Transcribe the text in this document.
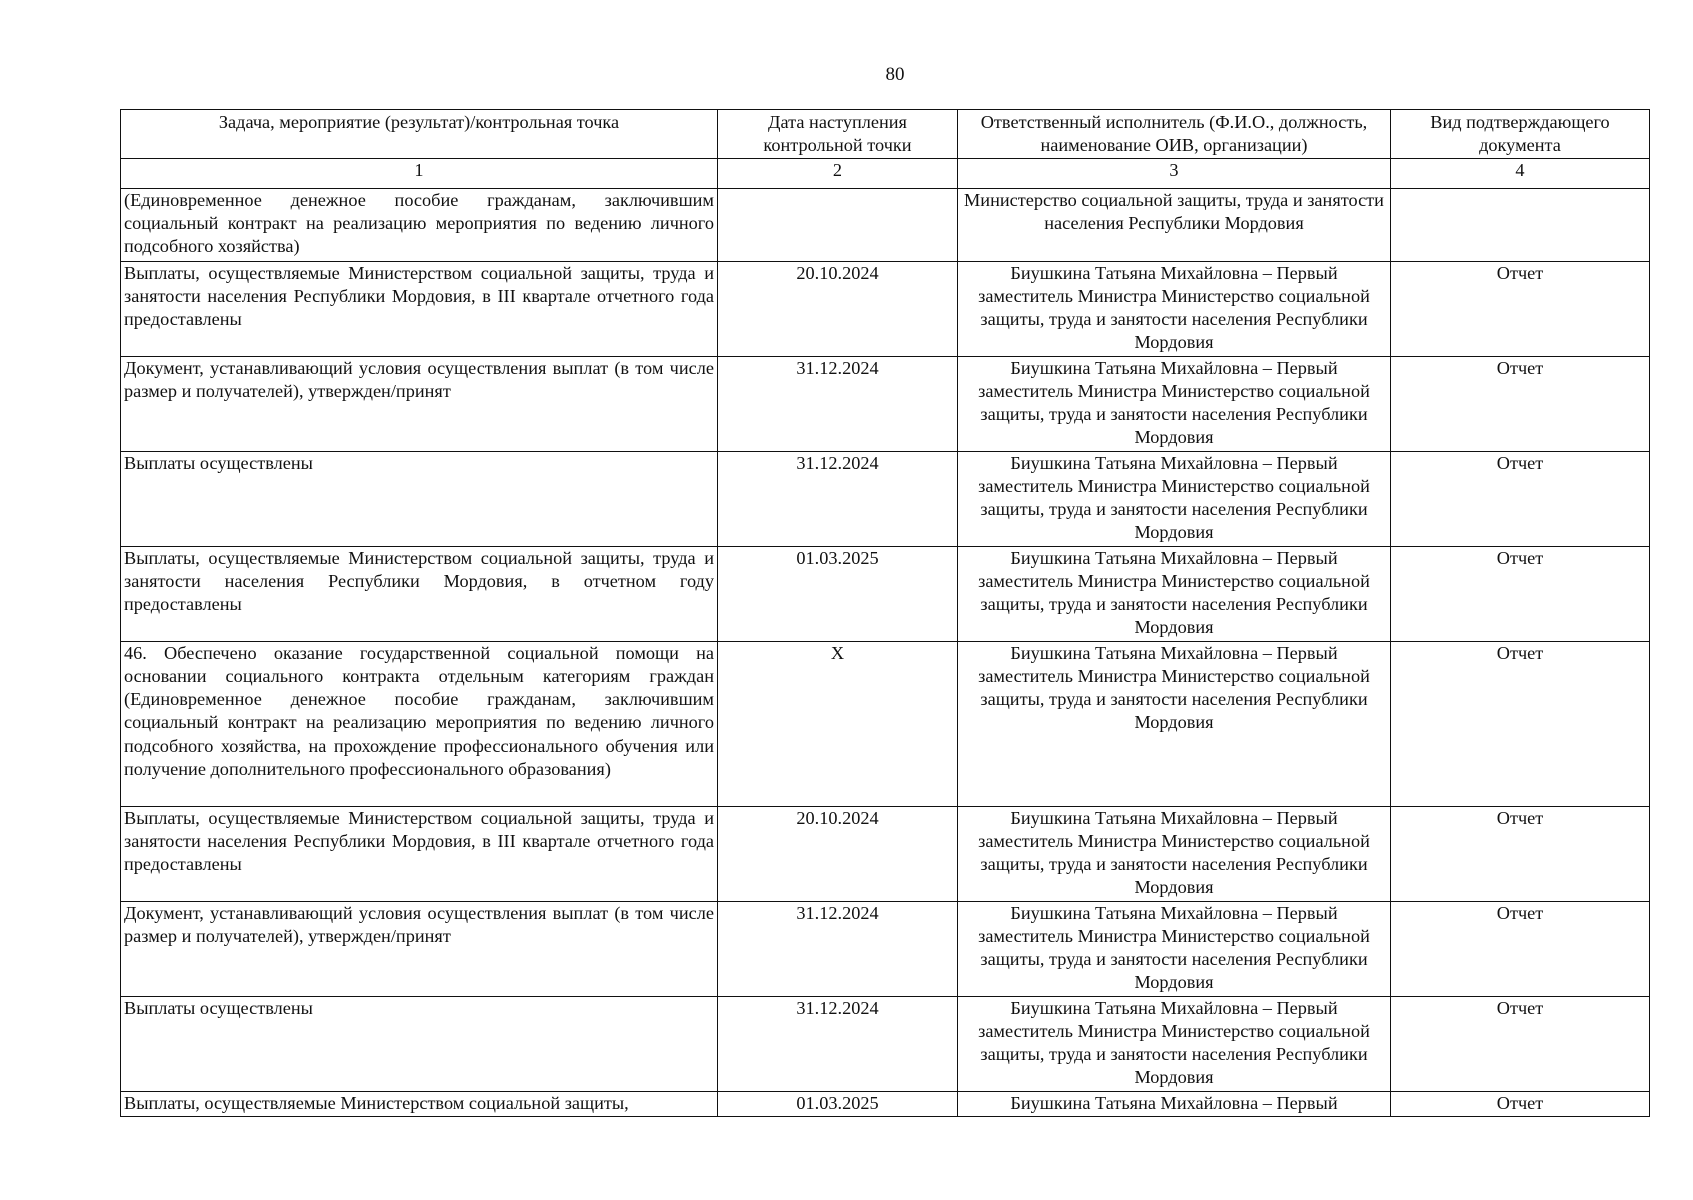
80
Задача, мероприятие (результат)/контрольная точка	Дата наступления контрольной точки	Ответственный исполнитель (Ф.И.О., должность, наименование ОИВ, организации)	Вид подтверждающего документа
1	2	3	4
(Единовременное денежное пособие гражданам, заключившим социальный контракт на реализацию мероприятия по ведению личного подсобного хозяйства)		Министерство социальной защиты, труда и занятости населения Республики Мордовия	
Выплаты, осуществляемые Министерством социальной защиты, труда и занятости населения Республики Мордовия, в III квартале отчетного года предоставлены	20.10.2024	Биушкина Татьяна Михайловна – Первый заместитель Министра Министерство социальной защиты, труда и занятости населения Республики Мордовия	Отчет
Документ, устанавливающий условия осуществления выплат (в том числе размер и получателей), утвержден/принят	31.12.2024	Биушкина Татьяна Михайловна – Первый заместитель Министра Министерство социальной защиты, труда и занятости населения Республики Мордовия	Отчет
Выплаты осуществлены	31.12.2024	Биушкина Татьяна Михайловна – Первый заместитель Министра Министерство социальной защиты, труда и занятости населения Республики Мордовия	Отчет
Выплаты, осуществляемые Министерством социальной защиты, труда и занятости населения Республики Мордовия, в отчетном году предоставлены	01.03.2025	Биушкина Татьяна Михайловна – Первый заместитель Министра Министерство социальной защиты, труда и занятости населения Республики Мордовия	Отчет
46. Обеспечено оказание государственной социальной помощи на основании социального контракта отдельным категориям граждан (Единовременное денежное пособие гражданам, заключившим социальный контракт на реализацию мероприятия по ведению личного подсобного хозяйства, на прохождение профессионального обучения или получение дополнительного профессионального образования)	Х	Биушкина Татьяна Михайловна – Первый заместитель Министра Министерство социальной защиты, труда и занятости населения Республики Мордовия	Отчет
Выплаты, осуществляемые Министерством социальной защиты, труда и занятости населения Республики Мордовия, в III квартале отчетного года предоставлены	20.10.2024	Биушкина Татьяна Михайловна – Первый заместитель Министра Министерство социальной защиты, труда и занятости населения Республики Мордовия	Отчет
Документ, устанавливающий условия осуществления выплат (в том числе размер и получателей), утвержден/принят	31.12.2024	Биушкина Татьяна Михайловна – Первый заместитель Министра Министерство социальной защиты, труда и занятости населения Республики Мордовия	Отчет
Выплаты осуществлены	31.12.2024	Биушкина Татьяна Михайловна – Первый заместитель Министра Министерство социальной защиты, труда и занятости населения Республики Мордовия	Отчет
Выплаты, осуществляемые Министерством социальной защиты,	01.03.2025	Биушкина Татьяна Михайловна – Первый	Отчет
